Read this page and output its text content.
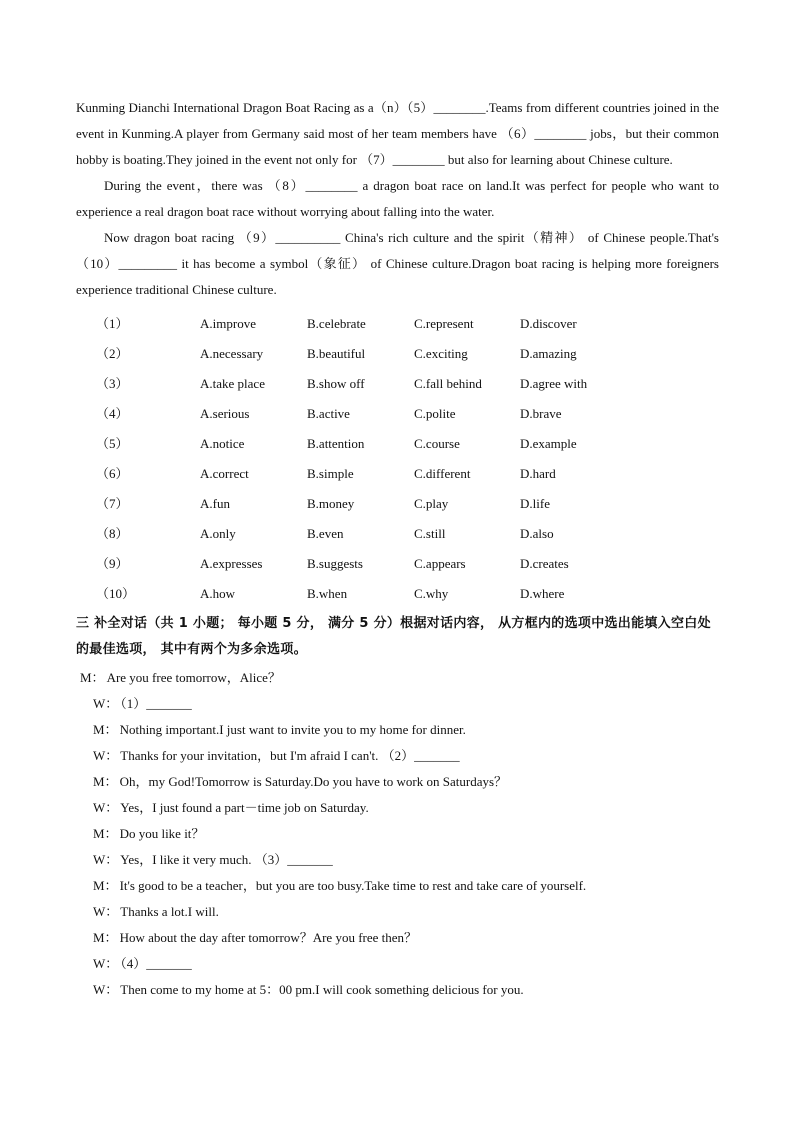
Kunming Dianchi International Dragon Boat Racing as a（n）（5）________.Teams from different countries joined in the event in Kunming.A player from Germany said most of her team members have （6）________ jobs，but their common hobby is boating.They joined in the event not only for （7）________ but also for learning about Chinese culture.

During the event，there was （8）________ a dragon boat race on land.It was perfect for people who want to experience a real dragon boat race without worrying about falling into the water.

Now dragon boat racing （9）__________ China's rich culture and the spirit（精神） of Chinese people.That's （10）_________ it has become a symbol（象征） of Chinese culture.Dragon boat racing is helping more foreigners experience traditional Chinese culture.

（1）	A.improve	B.celebrate	C.represent	D.discover
（2）	A.necessary	B.beautiful	C.exciting	D.amazing
（3）	A.take place	B.show off	C.fall behind	D.agree with
（4）	A.serious	B.active	C.polite	D.brave
（5）	A.notice	B.attention	C.course	D.example
（6）	A.correct	B.simple	C.different	D.hard
（7）	A.fun	B.money	C.play	D.life
（8）	A.only	B.even	C.still	D.also
（9）	A.expresses	B.suggests	C.appears	D.creates
（10）	A.how	B.when	C.why	D.where
三 补全对话（共 1 小题； 每小题 5 分， 满分 5 分）根据对话内容， 从方框内的选项中选出能填入空白处的最佳选项， 其中有两个为多余选项。
M： Are you free tomorrow，Alice？
W： （1）_______
M： Nothing important.I just want to invite you to my home for dinner.
W： Thanks for your invitation，but I'm afraid I can't. （2）_______
M： Oh，my God!Tomorrow is Saturday.Do you have to work on Saturdays？
W： Yes，I just found a part－time job on Saturday.
M： Do you like it？
W： Yes，I like it very much. （3）_______
M： It's good to be a teacher，but you are too busy.Take time to rest and take care of yourself.
W： Thanks a lot.I will.
M： How about the day after tomorrow？Are you free then？
W： （4）_______
W： Then come to my home at 5：00 pm.I will cook something delicious for you.
